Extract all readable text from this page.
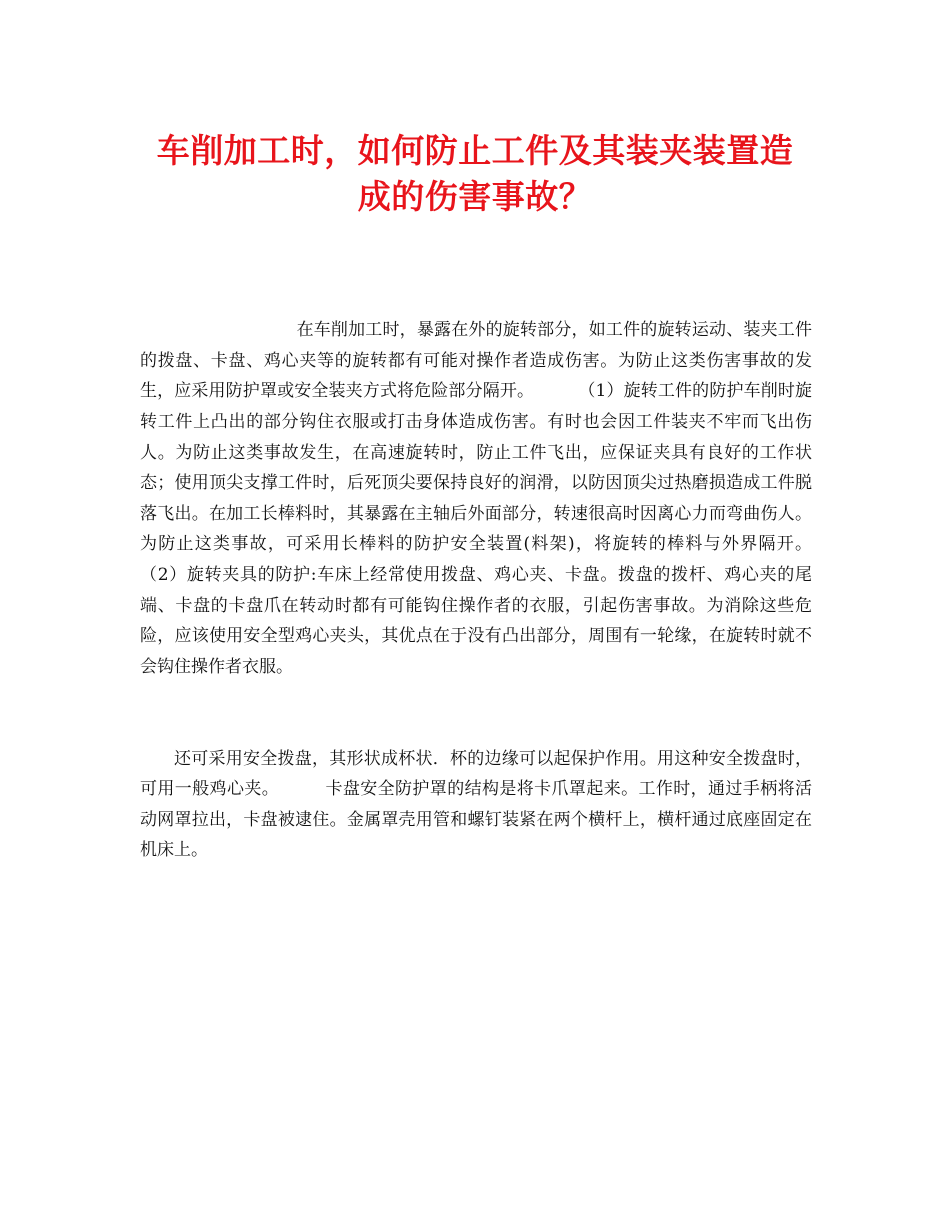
车削加工时，如何防止工件及其装夹装置造
成的伤害事故？

在车削加工时，暴露在外的旋转部分，如工件的旋转运动、装夹工件的拨盘、卡盘、鸡心夹等的旋转都有可能对操作者造成伤害。为防止这类伤害事故的发生，应采用防护罩或安全装夹方式将危险部分隔开。        （1）旋转工件的防护车削时旋转工件上凸出的部分钩住衣服或打击身体造成伤害。有时也会因工件装夹不牢而飞出伤人。为防止这类事故发生，在高速旋转时，防止工件飞出，应保证夹具有良好的工作状态；使用顶尖支撑工件时，后死顶尖要保持良好的润滑，以防因顶尖过热磨损造成工件脱落飞出。在加工长棒料时，其暴露在主轴后外面部分，转速很高时因离心力而弯曲伤人。为防止这类事故，可采用长棒料的防护安全装置(料架)，将旋转的棒料与外界隔开。        （2）旋转夹具的防护:车床上经常使用拨盘、鸡心夹、卡盘。拨盘的拨杆、鸡心夹的尾端、卡盘的卡盘爪在转动时都有可能钩住操作者的衣服，引起伤害事故。为消除这些危险，应该使用安全型鸡心夹头，其优点在于没有凸出部分，周围有一轮缘，在旋转时就不会钩住操作者衣服。

还可采用安全拨盘，其形状成杯状．杯的边缘可以起保护作用。用这种安全拨盘时，可用一般鸡心夹。        卡盘安全防护罩的结构是将卡爪罩起来。工作时，通过手柄将活动网罩拉出，卡盘被逮住。金属罩壳用管和螺钉装紧在两个横杆上，横杆通过底座固定在机床上。
